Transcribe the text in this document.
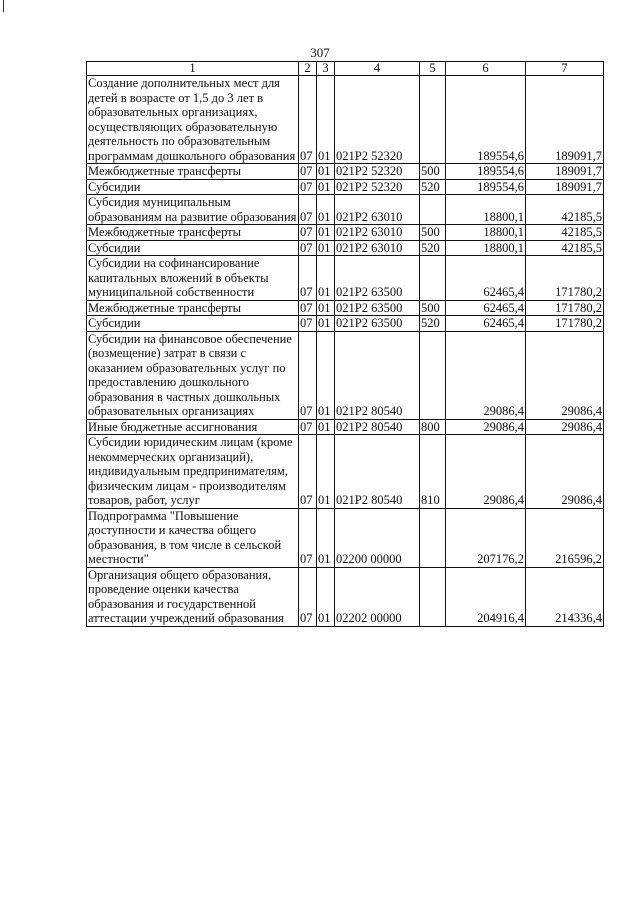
307
1	2	3	4	5	6	7
Создание дополнительных мест для детей в возрасте от 1,5 до 3 лет в образовательных организациях, осуществляющих образовательную деятельность по образовательным программам дошкольного образования	07	01	021P2 52320		189554,6	189091,7
Межбюджетные трансферты	07	01	021P2 52320	500	189554,6	189091,7
Субсидии	07	01	021P2 52320	520	189554,6	189091,7
Субсидия муниципальным образованиям на развитие образования	07	01	021P2 63010		18800,1	42185,5
Межбюджетные трансферты	07	01	021P2 63010	500	18800,1	42185,5
Субсидии	07	01	021P2 63010	520	18800,1	42185,5
Субсидии на софинансирование капитальных вложений в объекты муниципальной собственности	07	01	021P2 63500		62465,4	171780,2
Межбюджетные трансферты	07	01	021P2 63500	500	62465,4	171780,2
Субсидии	07	01	021P2 63500	520	62465,4	171780,2
Субсидии на финансовое обеспечение (возмещение) затрат в связи с оказанием образовательных услуг по предоставлению дошкольного образования в частных дошкольных образовательных организациях	07	01	021P2 80540		29086,4	29086,4
Иные бюджетные ассигнования	07	01	021P2 80540	800	29086,4	29086,4
Субсидии юридическим лицам (кроме некоммерческих организаций), индивидуальным предпринимателям, физическим лицам - производителям товаров, работ, услуг	07	01	021P2 80540	810	29086,4	29086,4
Подпрограмма "Повышение доступности и качества общего образования, в том числе в сельской местности"	07	01	02200 00000		207176,2	216596,2
Организация общего образования, проведение оценки качества образования и государственной аттестации учреждений образования	07	01	02202 00000		204916,4	214336,4
